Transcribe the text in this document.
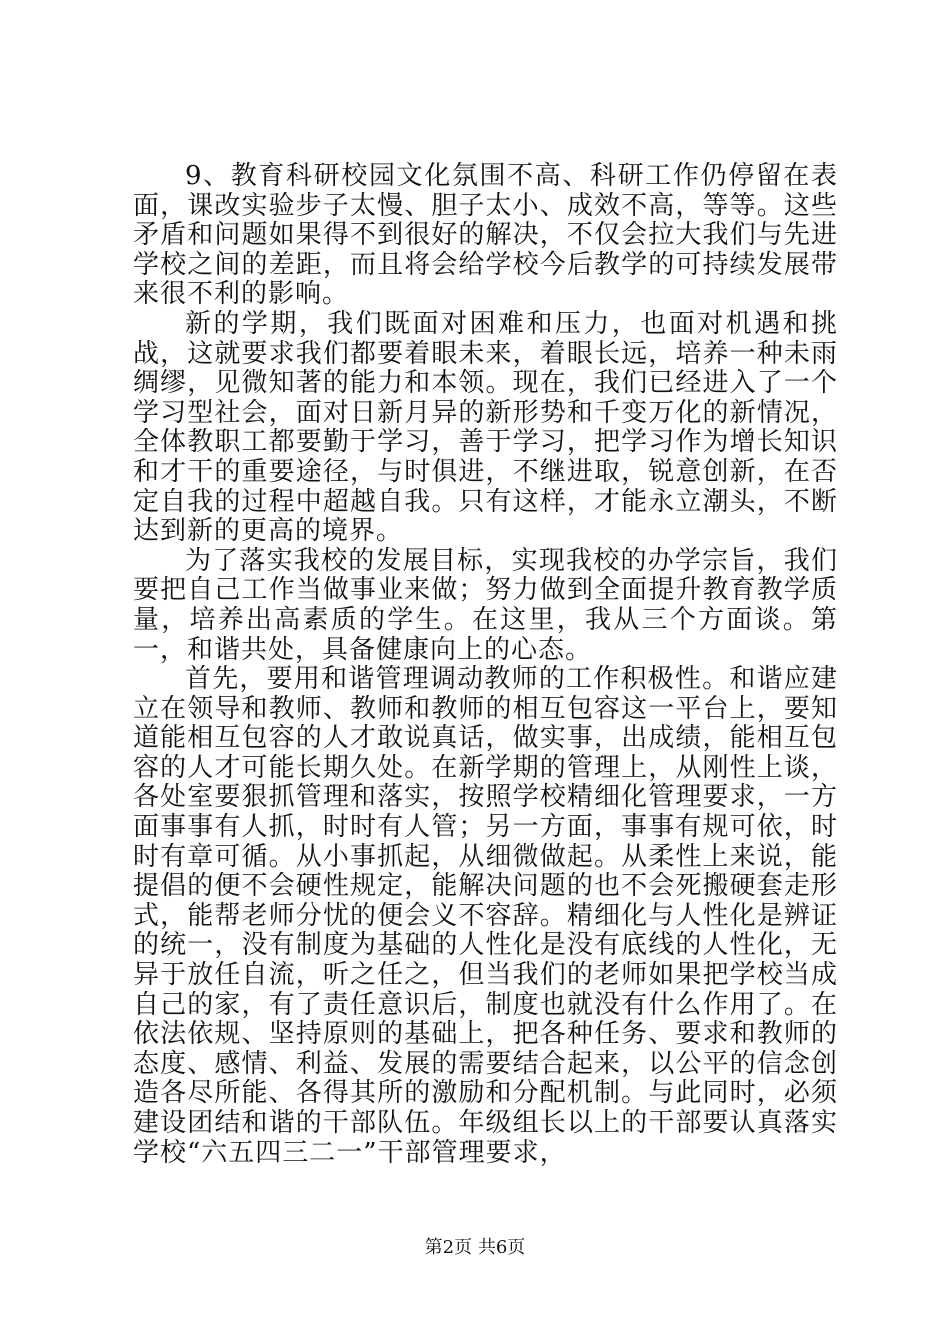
9、教育科研校园文化氛围不高、科研工作仍停留在表面，课改实验步子太慢、胆子太小、成效不高，等等。这些矛盾和问题如果得不到很好的解决，不仅会拉大我们与先进学校之间的差距，而且将会给学校今后教学的可持续发展带来很不利的影响。

新的学期，我们既面对困难和压力，也面对机遇和挑战，这就要求我们都要着眼未来，着眼长远，培养一种未雨绸缪，见微知著的能力和本领。现在，我们已经进入了一个学习型社会，面对日新月异的新形势和千变万化的新情况，全体教职工都要勤于学习，善于学习，把学习作为增长知识和才干的重要途径，与时俱进，不继进取，锐意创新，在否定自我的过程中超越自我。只有这样，才能永立潮头，不断达到新的更高的境界。

为了落实我校的发展目标，实现我校的办学宗旨，我们要把自己工作当做事业来做；努力做到全面提升教育教学质量，培养出高素质的学生。在这里，我从三个方面谈。第一，和谐共处，具备健康向上的心态。

首先，要用和谐管理调动教师的工作积极性。和谐应建立在领导和教师、教师和教师的相互包容这一平台上，要知道能相互包容的人才敢说真话，做实事，出成绩，能相互包容的人才可能长期久处。在新学期的管理上，从刚性上谈，各处室要狠抓管理和落实，按照学校精细化管理要求，一方面事事有人抓，时时有人管；另一方面，事事有规可依，时时有章可循。从小事抓起，从细微做起。从柔性上来说，能提倡的便不会硬性规定，能解决问题的也不会死搬硬套走形式，能帮老师分忧的便会义不容辞。精细化与人性化是辨证的统一，没有制度为基础的人性化是没有底线的人性化，无异于放任自流，听之任之，但当我们的老师如果把学校当成自己的家，有了责任意识后，制度也就没有什么作用了。在依法依规、坚持原则的基础上，把各种任务、要求和教师的态度、感情、利益、发展的需要结合起来，以公平的信念创造各尽所能、各得其所的激励和分配机制。与此同时，必须建设团结和谐的干部队伍。年级组长以上的干部要认真落实学校“六五四三二一”干部管理要求，

第2页 共6页
